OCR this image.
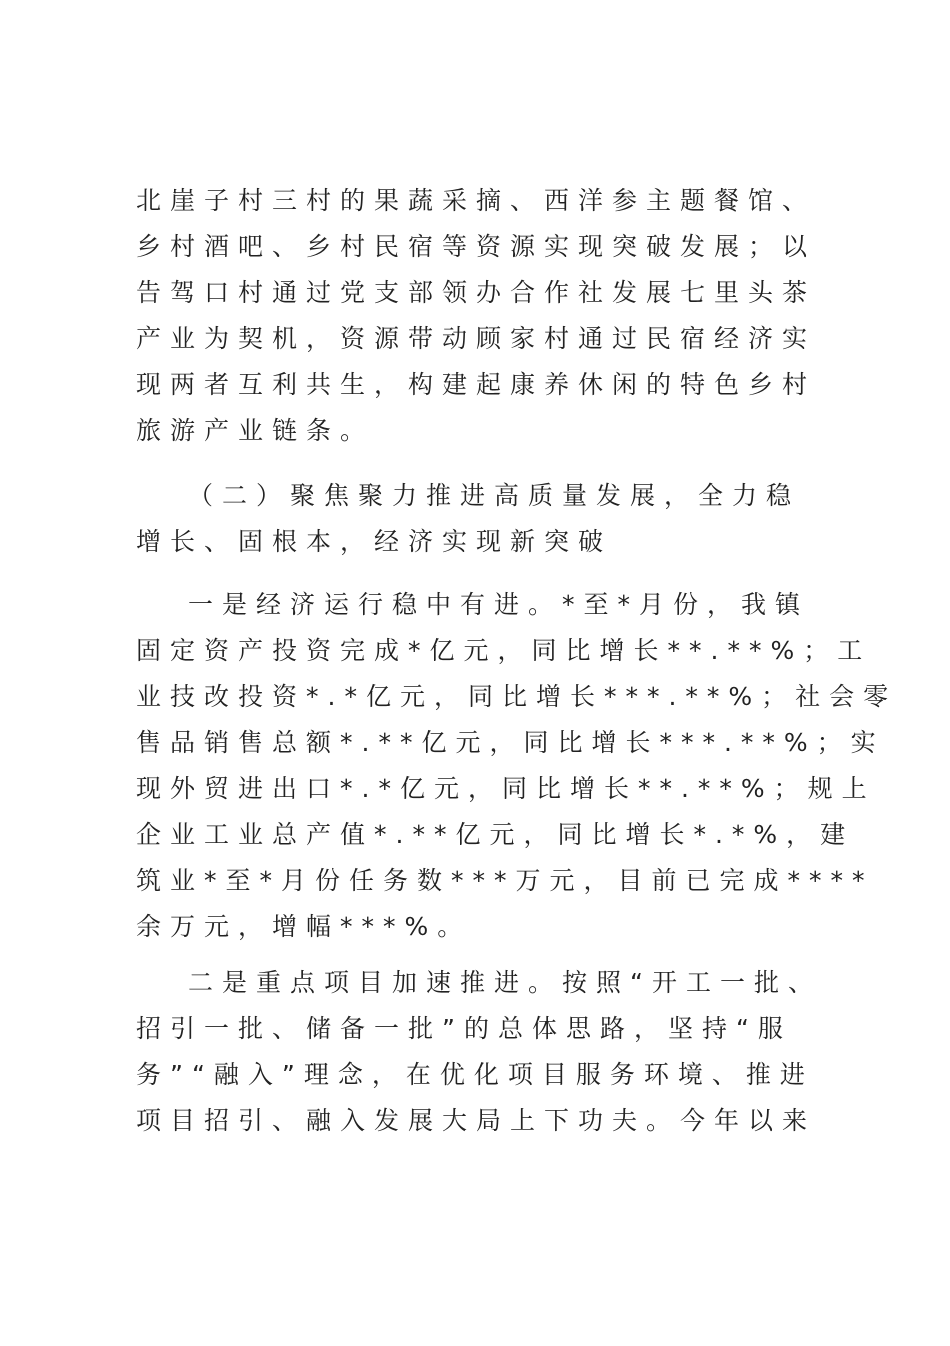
北崖子村三村的果蔬采摘、西洋参主题餐馆、
乡村酒吧、乡村民宿等资源实现突破发展；以
告驾口村通过党支部领办合作社发展七里头茶
产业为契机，资源带动顾家村通过民宿经济实
现两者互利共生，构建起康养休闲的特色乡村
旅游产业链条。
（二）聚焦聚力推进高质量发展，全力稳
增长、固根本，经济实现新突破
一是经济运行稳中有进。*至*月份，我镇
固定资产投资完成*亿元，同比增长**.**%；工
业技改投资*.*亿元，同比增长***.**%；社会零
售品销售总额*.**亿元，同比增长***.**%；实
现外贸进出口*.*亿元，同比增长**.**%；规上
企业工业总产值*.**亿元，同比增长*.*%，建
筑业*至*月份任务数***万元，目前已完成****
余万元，增幅***%。
二是重点项目加速推进。按照“开工一批、
招引一批、储备一批”的总体思路，坚持“服
务”“融入”理念，在优化项目服务环境、推进
项目招引、融入发展大局上下功夫。今年以来
